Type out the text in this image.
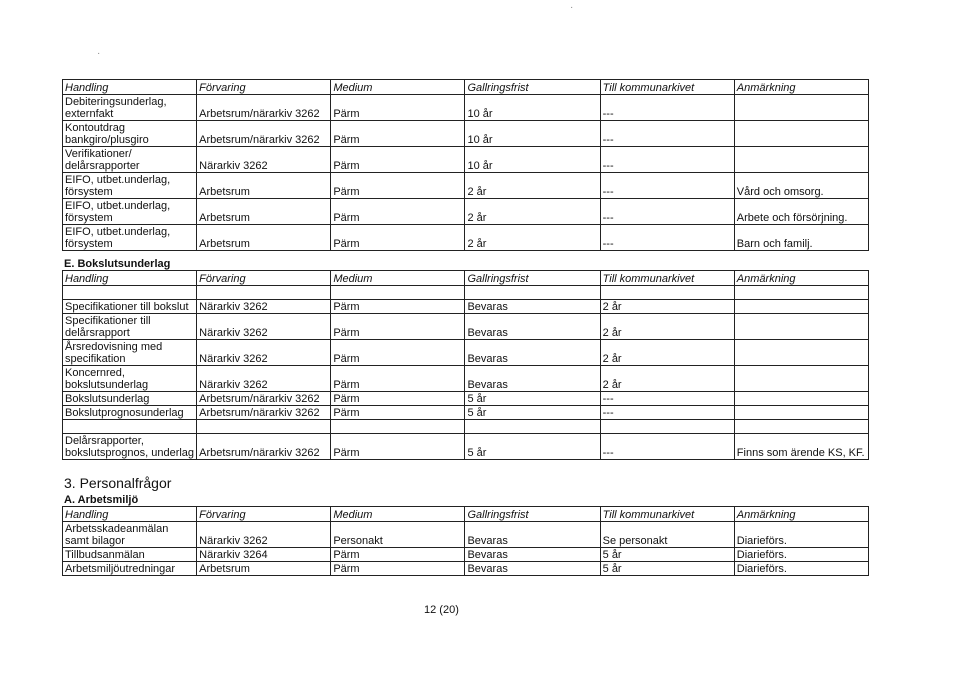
·
·
Handling	Förvaring	Medium	Gallringsfrist	Till kommunarkivet	Anmärkning

Debiteringsunderlag,
externfakt	Arbetsrum/närarkiv 3262	Pärm	10 år	---	

Kontoutdrag
bankgiro/plusgiro	Arbetsrum/närarkiv 3262	Pärm	10 år	---	

Verifikationer/
delårsrapporter	Närarkiv 3262	Pärm	10 år	---	

EIFO, utbet.underlag,
försystem	Arbetsrum	Pärm	2 år	---	Vård och omsorg.

EIFO, utbet.underlag,
försystem	Arbetsrum	Pärm	2 år	---	Arbete och försörjning.

EIFO, utbet.underlag,
försystem	Arbetsrum	Pärm	2 år	---	Barn och familj.
E. Bokslutsunderlag
Handling	Förvaring	Medium	Gallringsfrist	Till kommunarkivet	Anmärkning

Specifikationer till bokslut	Närarkiv 3262	Pärm	Bevaras	2 år	

Specifikationer till
delårsrapport	Närarkiv 3262	Pärm	Bevaras	2 år	

Årsredovisning med
specifikation	Närarkiv 3262	Pärm	Bevaras	2 år	

Koncernred,
bokslutsunderlag	Närarkiv 3262	Pärm	Bevaras	2 år	

Bokslutsunderlag	Arbetsrum/närarkiv 3262	Pärm	5 år	---	

Bokslutprognosunderlag	Arbetsrum/närarkiv 3262	Pärm	5 år	---	

Delårsrapporter,
bokslutsprognos, underlag	Arbetsrum/närarkiv 3262	Pärm	5 år	---	Finns som ärende KS, KF.
3. Personalfrågor
A. Arbetsmiljö
Handling	Förvaring	Medium	Gallringsfrist	Till kommunarkivet	Anmärkning

Arbetsskadeanmälan
samt bilagor	Närarkiv 3262	Personakt	Bevaras	Se personakt	Diarieförs.

Tillbudsanmälan	Närarkiv 3264	Pärm	Bevaras	5 år	Diarieförs.

Arbetsmiljöutredningar	Arbetsrum	Pärm	Bevaras	5 år	Diarieförs.
12 (20)
